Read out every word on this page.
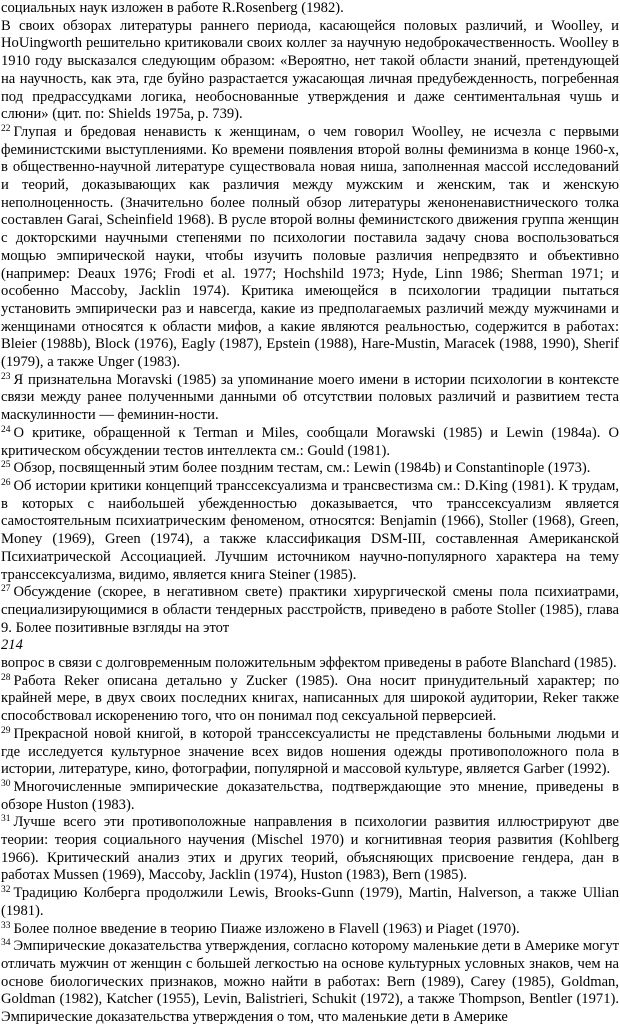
социальных наук изложен в работе R.Rosenberg (1982).

В своих обзорах литературы раннего периода, касающейся половых различий, и Woolley, и HoUingworth решительно критиковали своих коллег за научную недоброкачественность. Woolley в 1910 году высказался следующим образом: «Вероятно, нет такой области знаний, претендующей на научность, как эта, где буйно разрастается ужасающая личная предубежденность, погребенная под предрассудками логика, необоснованные утверждения и даже сентиментальная чушь и слюни» (цит. по: Shields 1975a, p. 739).

$^{22}$ Глупая и бредовая ненависть к женщинам, о чем говорил Woolley, не исчезла с первыми феминистскими выступлениями. Ко времени появления второй волны феминизма в конце 1960-х, в общественно-научной литературе существовала новая ниша, заполненная массой исследований и теорий, доказывающих как различия между мужским и женским, так и женскую неполноценность. (Значительно более полный обзор литературы женоненавистнического толка составлен Garai, Scheinfield 1968). В русле второй волны феминистского движения группа женщин с докторскими научными степенями по психологии поставила задачу снова воспользоваться мощью эмпирической науки, чтобы изучить половые различия непредвзято и объективно (например: Deaux 1976; Frodi et al. 1977; Hochshild 1973; Hyde, Linn 1986; Sherman 1971; и особенно Maccoby, Jacklin 1974). Критика имеющейся в психологии традиции пытаться установить эмпирически раз и навсегда, какие из предполагаемых различий между мужчинами и женщинами относятся к области мифов, а какие являются реальностью, содержится в работах: Bleier (1988b), Block (1976), Eagly (1987), Epstein (1988), Hare-Mustin, Maracek (1988, 1990), Sherif (1979), а также Unger (1983).

$^{23}$ Я признательна Moravski (1985) за упоминание моего имени в истории психологии в контексте связи между ранее полученными данными об отсутствии половых различий и развитием теста маскулинности — феминин-ности.

$^{24}$ О критике, обращенной к Terman и Miles, сообщали Morawski (1985) и Lewin (1984a). О критическом обсуждении тестов интеллекта см.: Gould (1981).

$^{25}$ Обзор, посвященный этим более поздним тестам, см.: Lewin (1984b) и Constantinople (1973).

$^{26}$ Об истории критики концепций транссексуализма и трансвестизма см.: D.King (1981). К трудам, в которых с наибольшей убежденностью доказывается, что транссексуализм является самостоятельным психиатрическим феноменом, относятся: Benjamin (1966), Stoller (1968), Green, Money (1969), Green (1974), а также классификация DSM-III, составленная Американской Психиатрической Ассоциацией. Лучшим источником научно-популярного характера на тему транссексуализма, видимо, является книга Steiner (1985).

$^{27}$ Обсуждение (скорее, в негативном свете) практики хирургической смены пола психиатрами, специализирующимися в области тендерных расстройств, приведено в работе Stoller (1985), глава 9. Более позитивные взгляды на этот

214

вопрос в связи с долговременным положительным эффектом приведены в работе Blanchard (1985).

$^{28}$ Работа Reker описана детально у Zucker (1985). Она носит принудительный характер; по крайней мере, в двух своих последних книгах, написанных для широкой аудитории, Reker также способствовал искоренению того, что он понимал под сексуальной перверсией.

$^{29}$ Прекрасной новой книгой, в которой транссексуалисты не представлены больными людьми и где исследуется культурное значение всех видов ношения одежды противоположного пола в истории, литературе, кино, фотографии, популярной и массовой культуре, является Garber (1992).

$^{30}$ Многочисленные эмпирические доказательства, подтверждающие это мнение, приведены в обзоре Huston (1983).

$^{31}$ Лучше всего эти противоположные направления в психологии развития иллюстрируют две теории: теория социального научения (Mischel 1970) и когнитивная теория развития (Kohlberg 1966). Критический анализ этих и других теорий, объясняющих присвоение гендера, дан в работах Mussen (1969), Maccoby, Jacklin (1974), Huston (1983), Bern (1985).

$^{32}$ Традицию Колберга продолжили Lewis, Brooks-Gunn (1979), Martin, Halverson, а также Ullian (1981).

$^{33}$ Более полное введение в теорию Пиаже изложено в Flavell (1963) и Piaget (1970).

$^{34}$ Эмпирические доказательства утверждения, согласно которому маленькие дети в Америке могут отличать мужчин от женщин с большей легкостью на основе культурных условных знаков, чем на основе биологических признаков, можно найти в работах: Bern (1989), Carey (1985), Goldman, Goldman (1982), Katcher (1955), Levin, Balistrieri, Schukit (1972), а также Thompson, Bentler (1971). Эмпирические доказательства утверждения о том, что маленькие дети в Америке
